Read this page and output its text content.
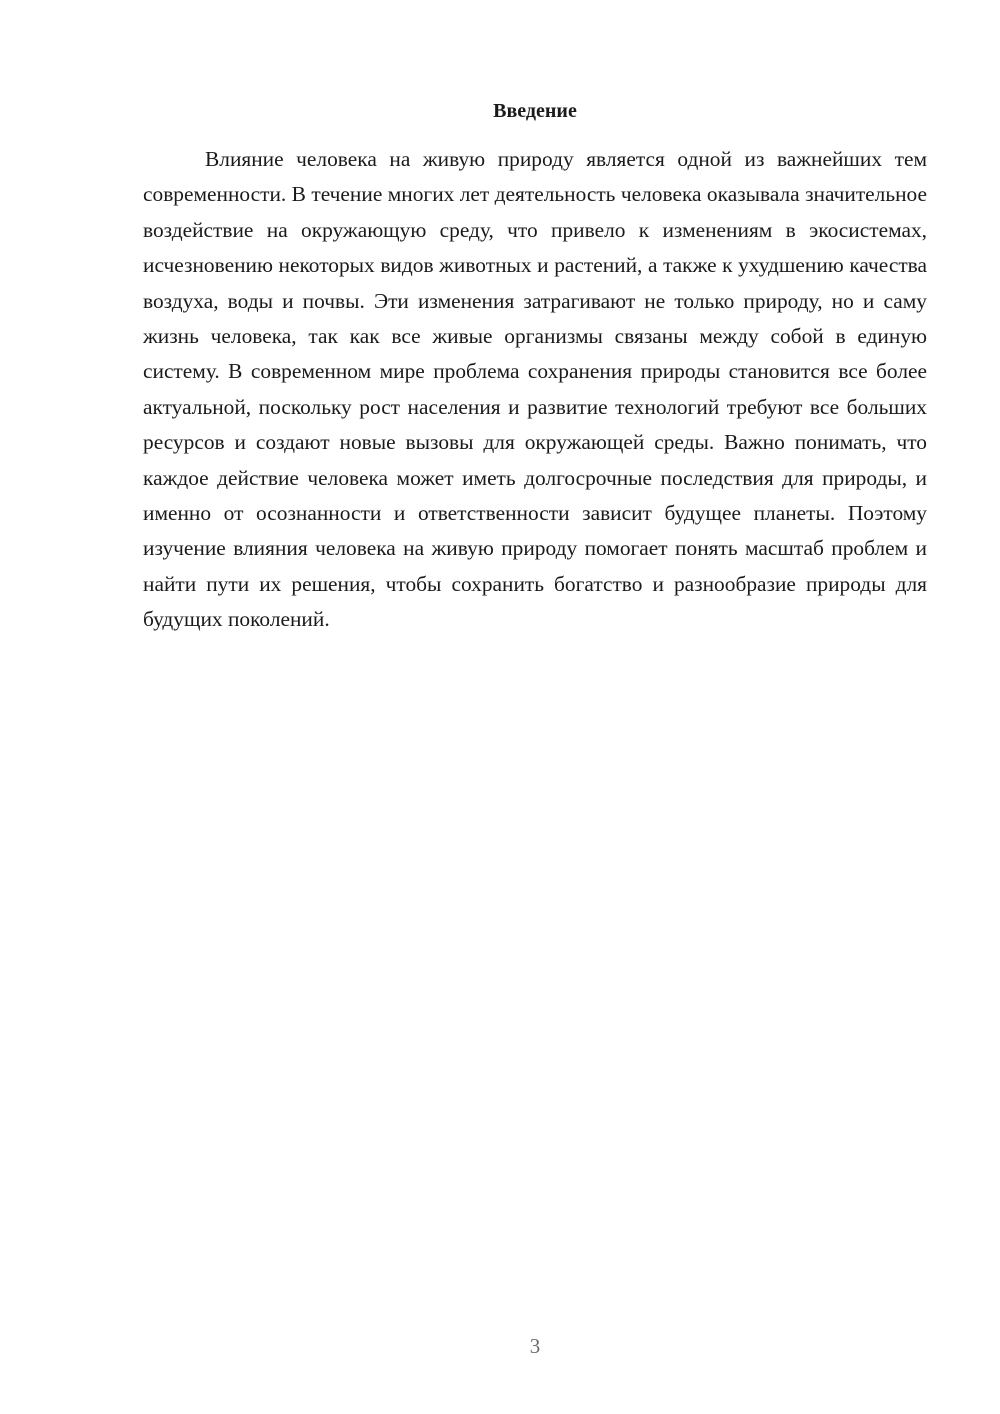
Введение

Влияние человека на живую природу является одной из важнейших тем современности. В течение многих лет деятельность человека оказывала значительное воздействие на окружающую среду, что привело к изменениям в экосистемах, исчезновению некоторых видов животных и растений, а также к ухудшению качества воздуха, воды и почвы. Эти изменения затрагивают не только природу, но и саму жизнь человека, так как все живые организмы связаны между собой в единую систему. В современном мире проблема сохранения природы становится все более актуальной, поскольку рост населения и развитие технологий требуют все больших ресурсов и создают новые вызовы для окружающей среды. Важно понимать, что каждое действие человека может иметь долгосрочные последствия для природы, и именно от осознанности и ответственности зависит будущее планеты. Поэтому изучение влияния человека на живую природу помогает понять масштаб проблем и найти пути их решения, чтобы сохранить богатство и разнообразие природы для будущих поколений.

3
